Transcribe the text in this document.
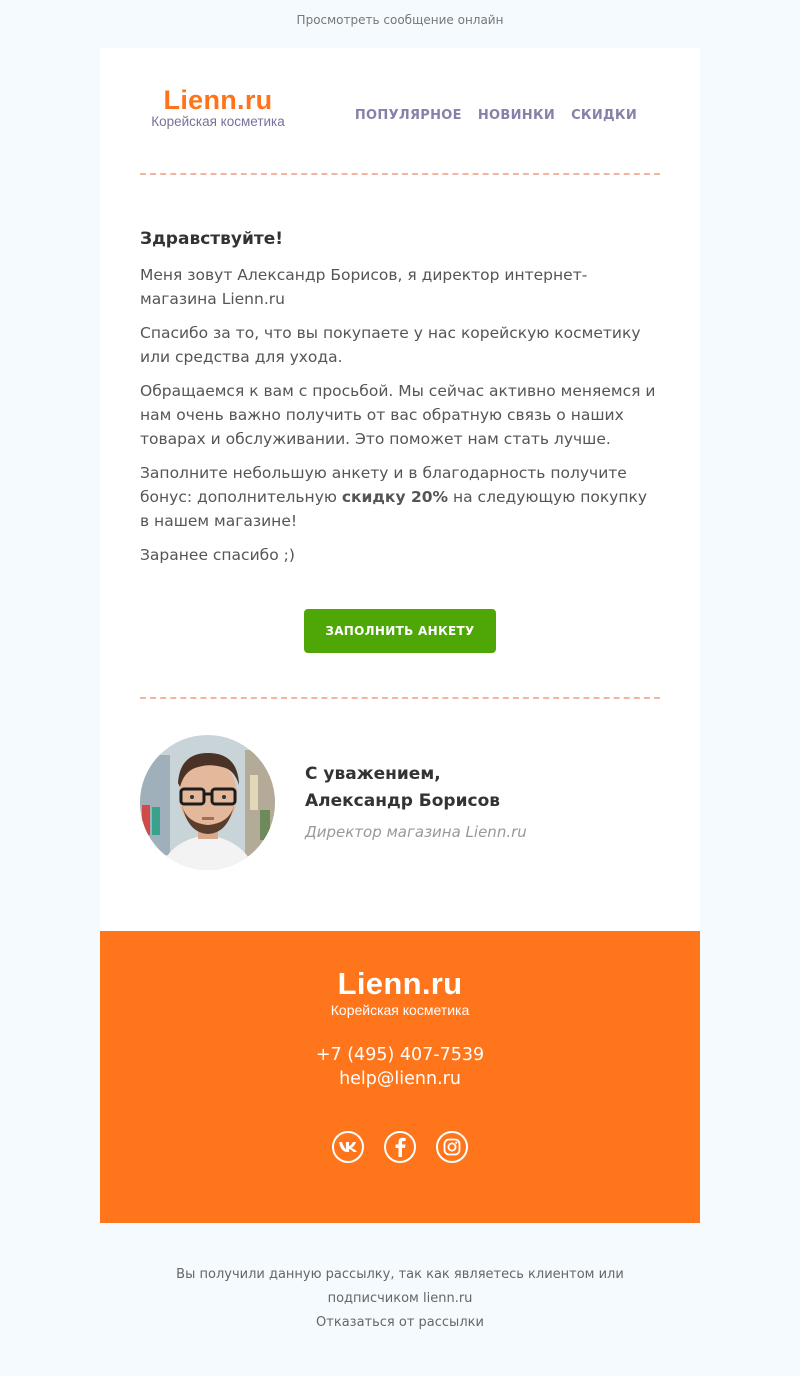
Просмотреть сообщение онлайн
Lienn.ru
Корейская косметика	ПОПУЛЯРНОЕ НОВИНКИ СКИДКИ
Здравствуйте!

Меня зовут Александр Борисов, я директор интернет-магазина Lienn.ru

Спасибо за то, что вы покупаете у нас корейскую косметику или средства для ухода.

Обращаемся к вам с просьбой. Мы сейчас активно меняемся и нам очень важно получить от вас обратную связь о наших товарах и обслуживании. Это поможет нам стать лучше.

Заполните небольшую анкету и в благодарность получите бонус: дополнительную скидку 20% на следующую покупку в нашем магазине!

Заранее спасибо ;)

ЗАПОЛНИТЬ АНКЕТУ
С уважением,
Александр Борисов
Директор магазина Lienn.ru
Lienn.ru
Корейская косметика
+7 (495) 407-7539
help@lienn.ru
Вы получили данную рассылку, так как являетесь клиентом или подписчиком lienn.ru
Отказаться от рассылки
